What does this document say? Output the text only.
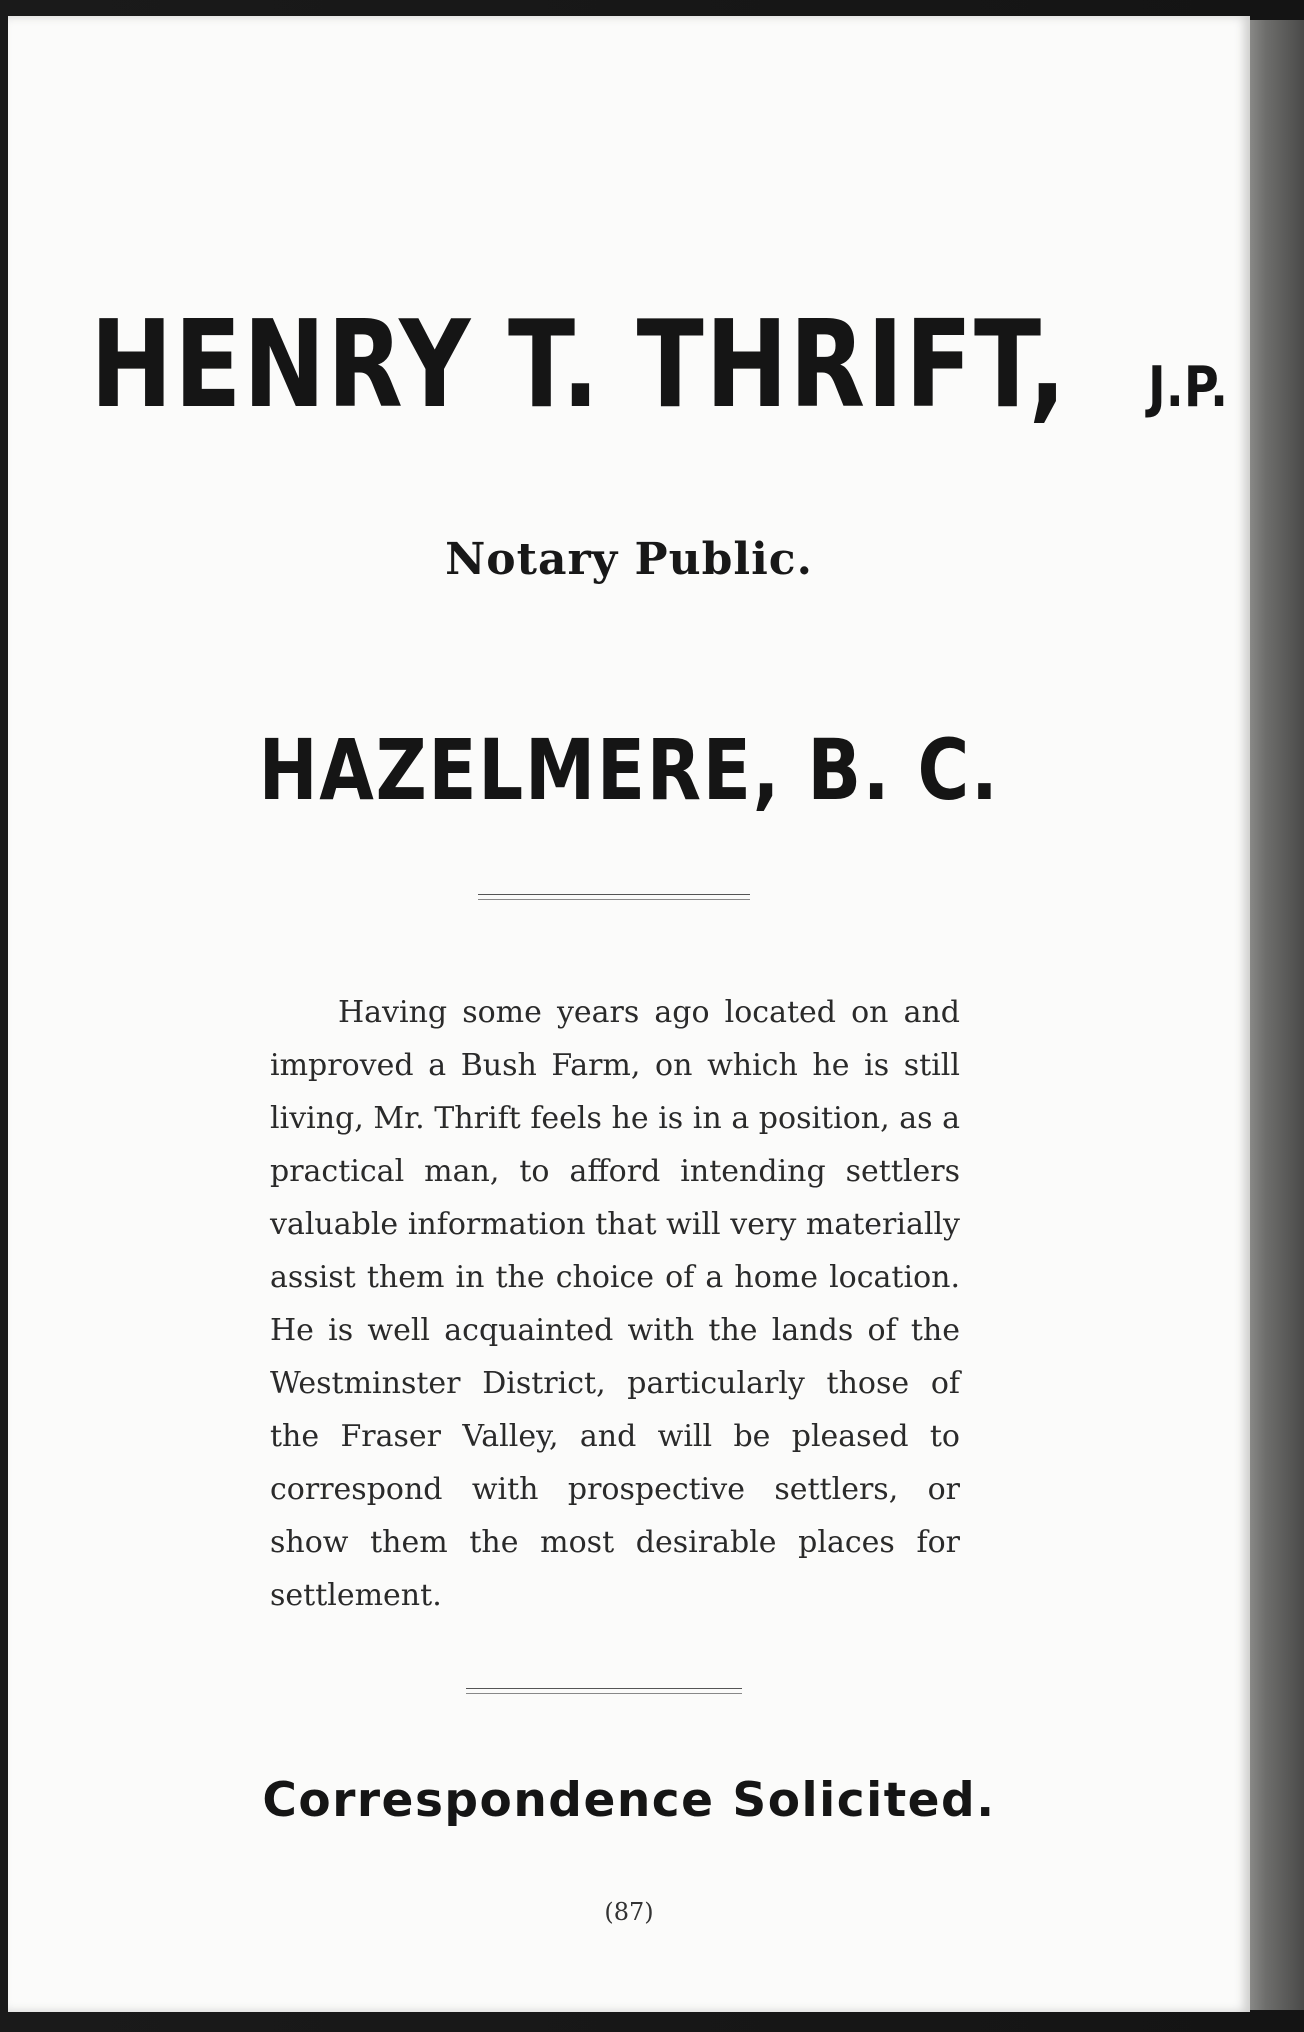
HENRY T. THRIFT, J.P.
Notary Public.
HAZELMERE, B. C.

Having some years ago located on and improved a Bush Farm, on which he is still living, Mr. Thrift feels he is in a position, as a practical man, to afford intending settlers valuable information that will very materially assist them in the choice of a home location. He is well acquainted with the lands of the Westminster District, particularly those of the Fraser Valley, and will be pleased to correspond with prospective settlers, or show them the most desirable places for settlement.

Correspondence Solicited.
(87)
